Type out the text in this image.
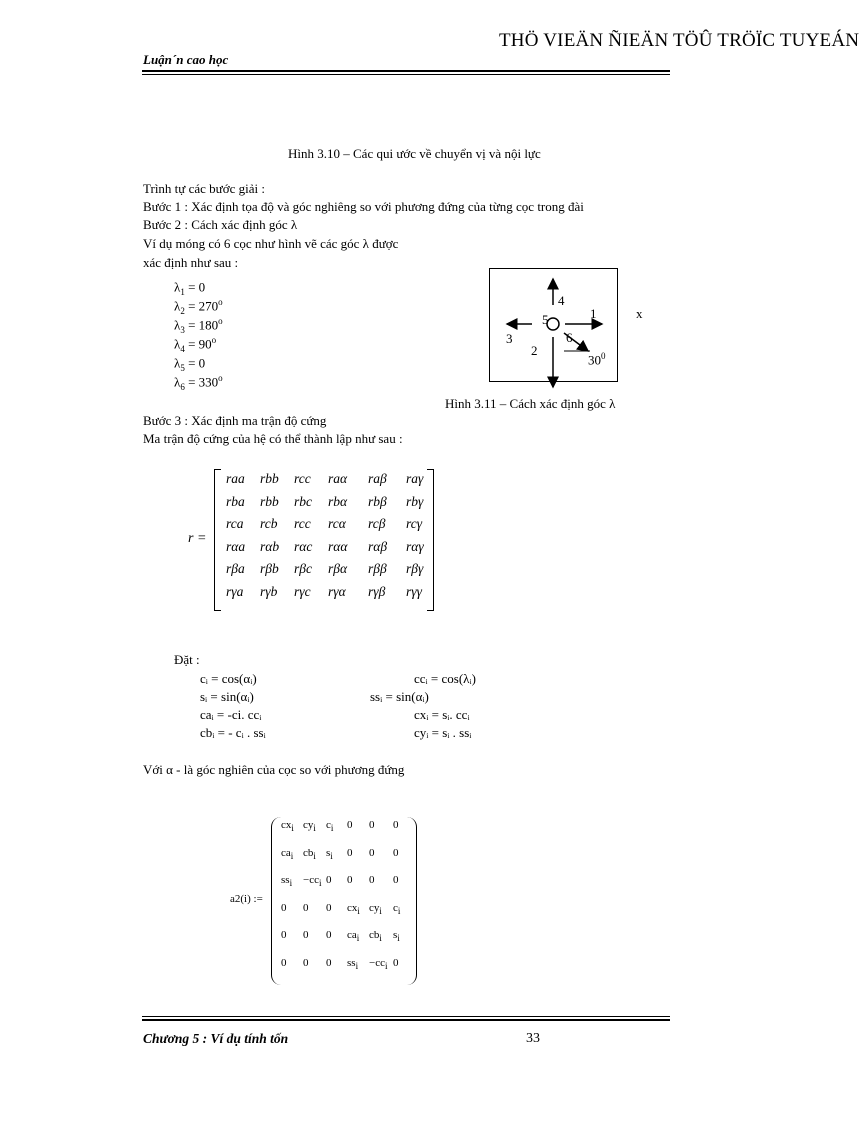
THÖ VIEÄN ÑIEÄN TÖÛ TRÖÏC TUYEÁN
Luận´n cao học
Hình 3.10 – Các qui ước về chuyển vị và nội lực
Trình tự các bước giải :
Bước 1 : Xác định tọa độ và góc nghiêng so với phương đứng của từng cọc trong đài
Bước 2 : Cách xác định góc λ
Ví dụ móng có 6 cọc như hình vẽ các góc λ được
xác định như sau :
$\lambda_1 = 0$
$\lambda_2 = 270^o$
$\lambda_3 = 180^o$
$\lambda_4 = 90^o$
$\lambda_5 = 0$
$\lambda_6 = 330^o$
4
5	1	x
3	6
2
$30^0$
Hình 3.11 – Cách xác định góc λ
Bước 3 : Xác định ma trận độ cứng
Ma trận độ cứng của hệ có thể thành lập như sau :
r =
raa rbb rcc raα raβ raγ
rba rbb rbc rbα rbβ rbγ
rca rcb rcc rcα rcβ rcγ
rαa rαb rαc rαα rαβ rαγ
rβa rβb rβc rβα rββ rβγ
rγa rγb rγc rγα rγβ rγγ
Đặt :
cᵢ = cos(αᵢ)	ccᵢ = cos(λᵢ)
sᵢ = sin(αᵢ)	ssᵢ = sin(αᵢ)
caᵢ = -ci. ccᵢ	cxᵢ = sᵢ. ccᵢ
cbᵢ = - cᵢ . ssᵢ	cyᵢ = sᵢ . ssᵢ
Với α - là góc nghiên của cọc so với phương đứng
a2(i) :=
$cx_i$ $cy_i$ $c_i$ 0 0 0
$ca_i$ $cb_i$ $s_i$ 0 0 0
$ss_i -cc_i$ 0 0 0 0
0 0 0 $cx_i$ $cy_i$ $c_i$
0 0 0 $ca_i$ $cb_i$ $s_i$
0 0 0 $ss_i -cc_i$ 0
Chương 5 : Ví dụ tính tốn	33
